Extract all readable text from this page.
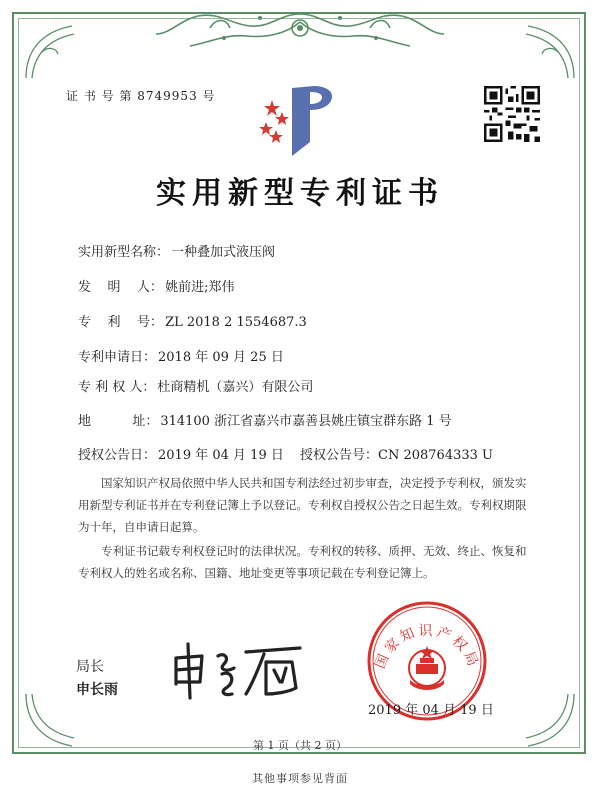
证 书 号 第 8749953 号
实用新型专利证书
实用新型名称： 一种叠加式液压阀
发    明    人： 姚前进;郑伟
专    利    号： ZL 2018 2 1554687.3
专利申请日： 2018 年 09 月 25 日
专 利 权 人： 杜商精机（嘉兴）有限公司
地          址： 314100 浙江省嘉兴市嘉善县姚庄镇宝群东路 1 号
授权公告日： 2019 年 04 月 19 日 授权公告号：CN 208764333 U
国家知识产权局依照中华人民共和国专利法经过初步审查，决定授予专利权，颁发实用新型专利证书并在专利登记簿上予以登记。专利权自授权公告之日起生效。专利权期限为十年，自申请日起算。
专利证书记载专利权登记时的法律状况。专利权的转移、质押、无效、终止、恢复和专利权人的姓名或名称、国籍、地址变更等事项记载在专利登记簿上。
局长
申长雨
国家知识产权局
2019 年 04 月 19 日
第 1 页（共 2 页）
其他事项参见背面
